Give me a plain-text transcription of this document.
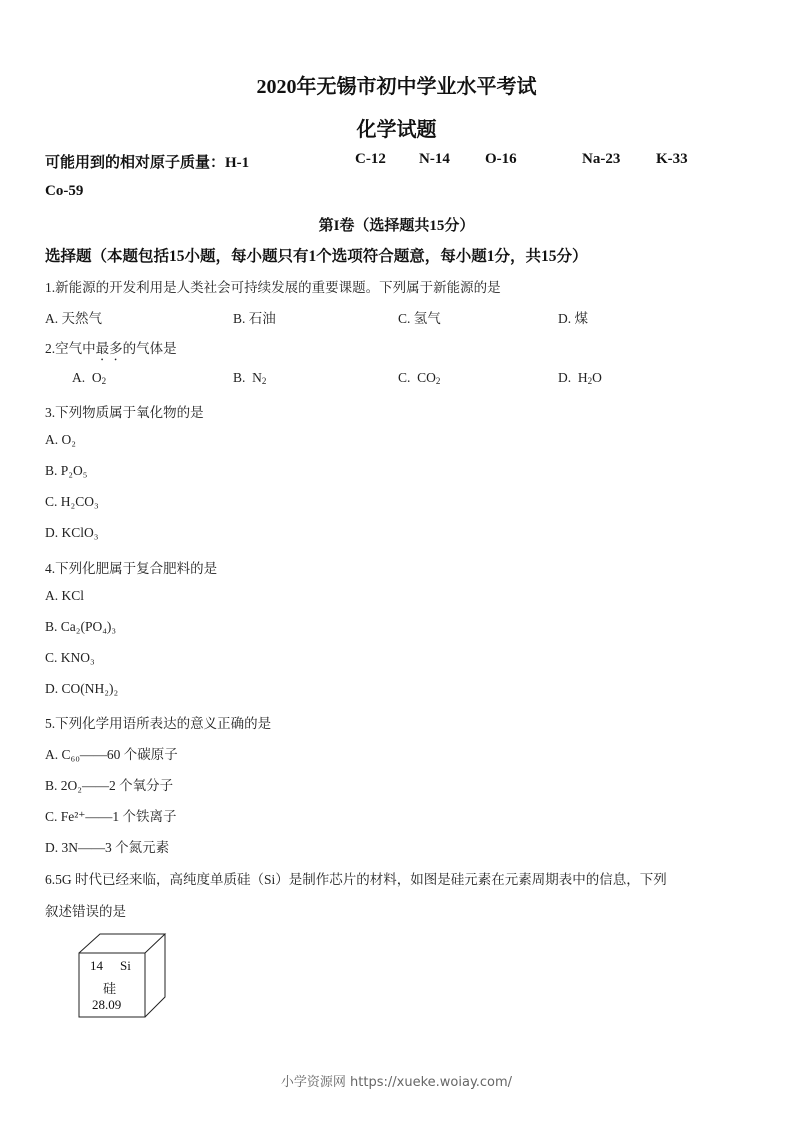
2020年无锡市初中学业水平考试
化学试题
可能用到的相对原子质量：H-1	C-12 N-14 O-16	Na-23 K-33
Co-59
第I卷（选择题共15分）
选择题（本题包括15小题，每小题只有1个选项符合题意，每小题1分，共15分）
1.新能源的开发利用是人类社会可持续发展的重要课题。下列属于新能源的是
A. 天然气	B. 石油	C. 氢气	D. 煤
2.空气中最多的气体是
A. $O_2$	B. $N_2$	C. $CO_2$	D. $H_2O$
3.下列物质属于氧化物的是
A. O₂
B. P₂O₅
C. H₂CO₃
D. KClO₃
4.下列化肥属于复合肥料的是
A. KCl
B. Ca₂(PO₄)₃
C. KNO₃
D. CO(NH₂)₂
5.下列化学用语所表达的意义正确的是
A. C₆₀——60 个碳原子
B. 2O₂——2 个氧分子
C. Fe²⁺——1 个铁离子
D. 3N——3 个氮元素
6.5G 时代已经来临，高纯度单质硅（Si）是制作芯片的材料，如图是硅元素在元素周期表中的信息，下列
叙述错误的是
14 Si
硅
28.09
小学资源网 https://xueke.woiay.com/
